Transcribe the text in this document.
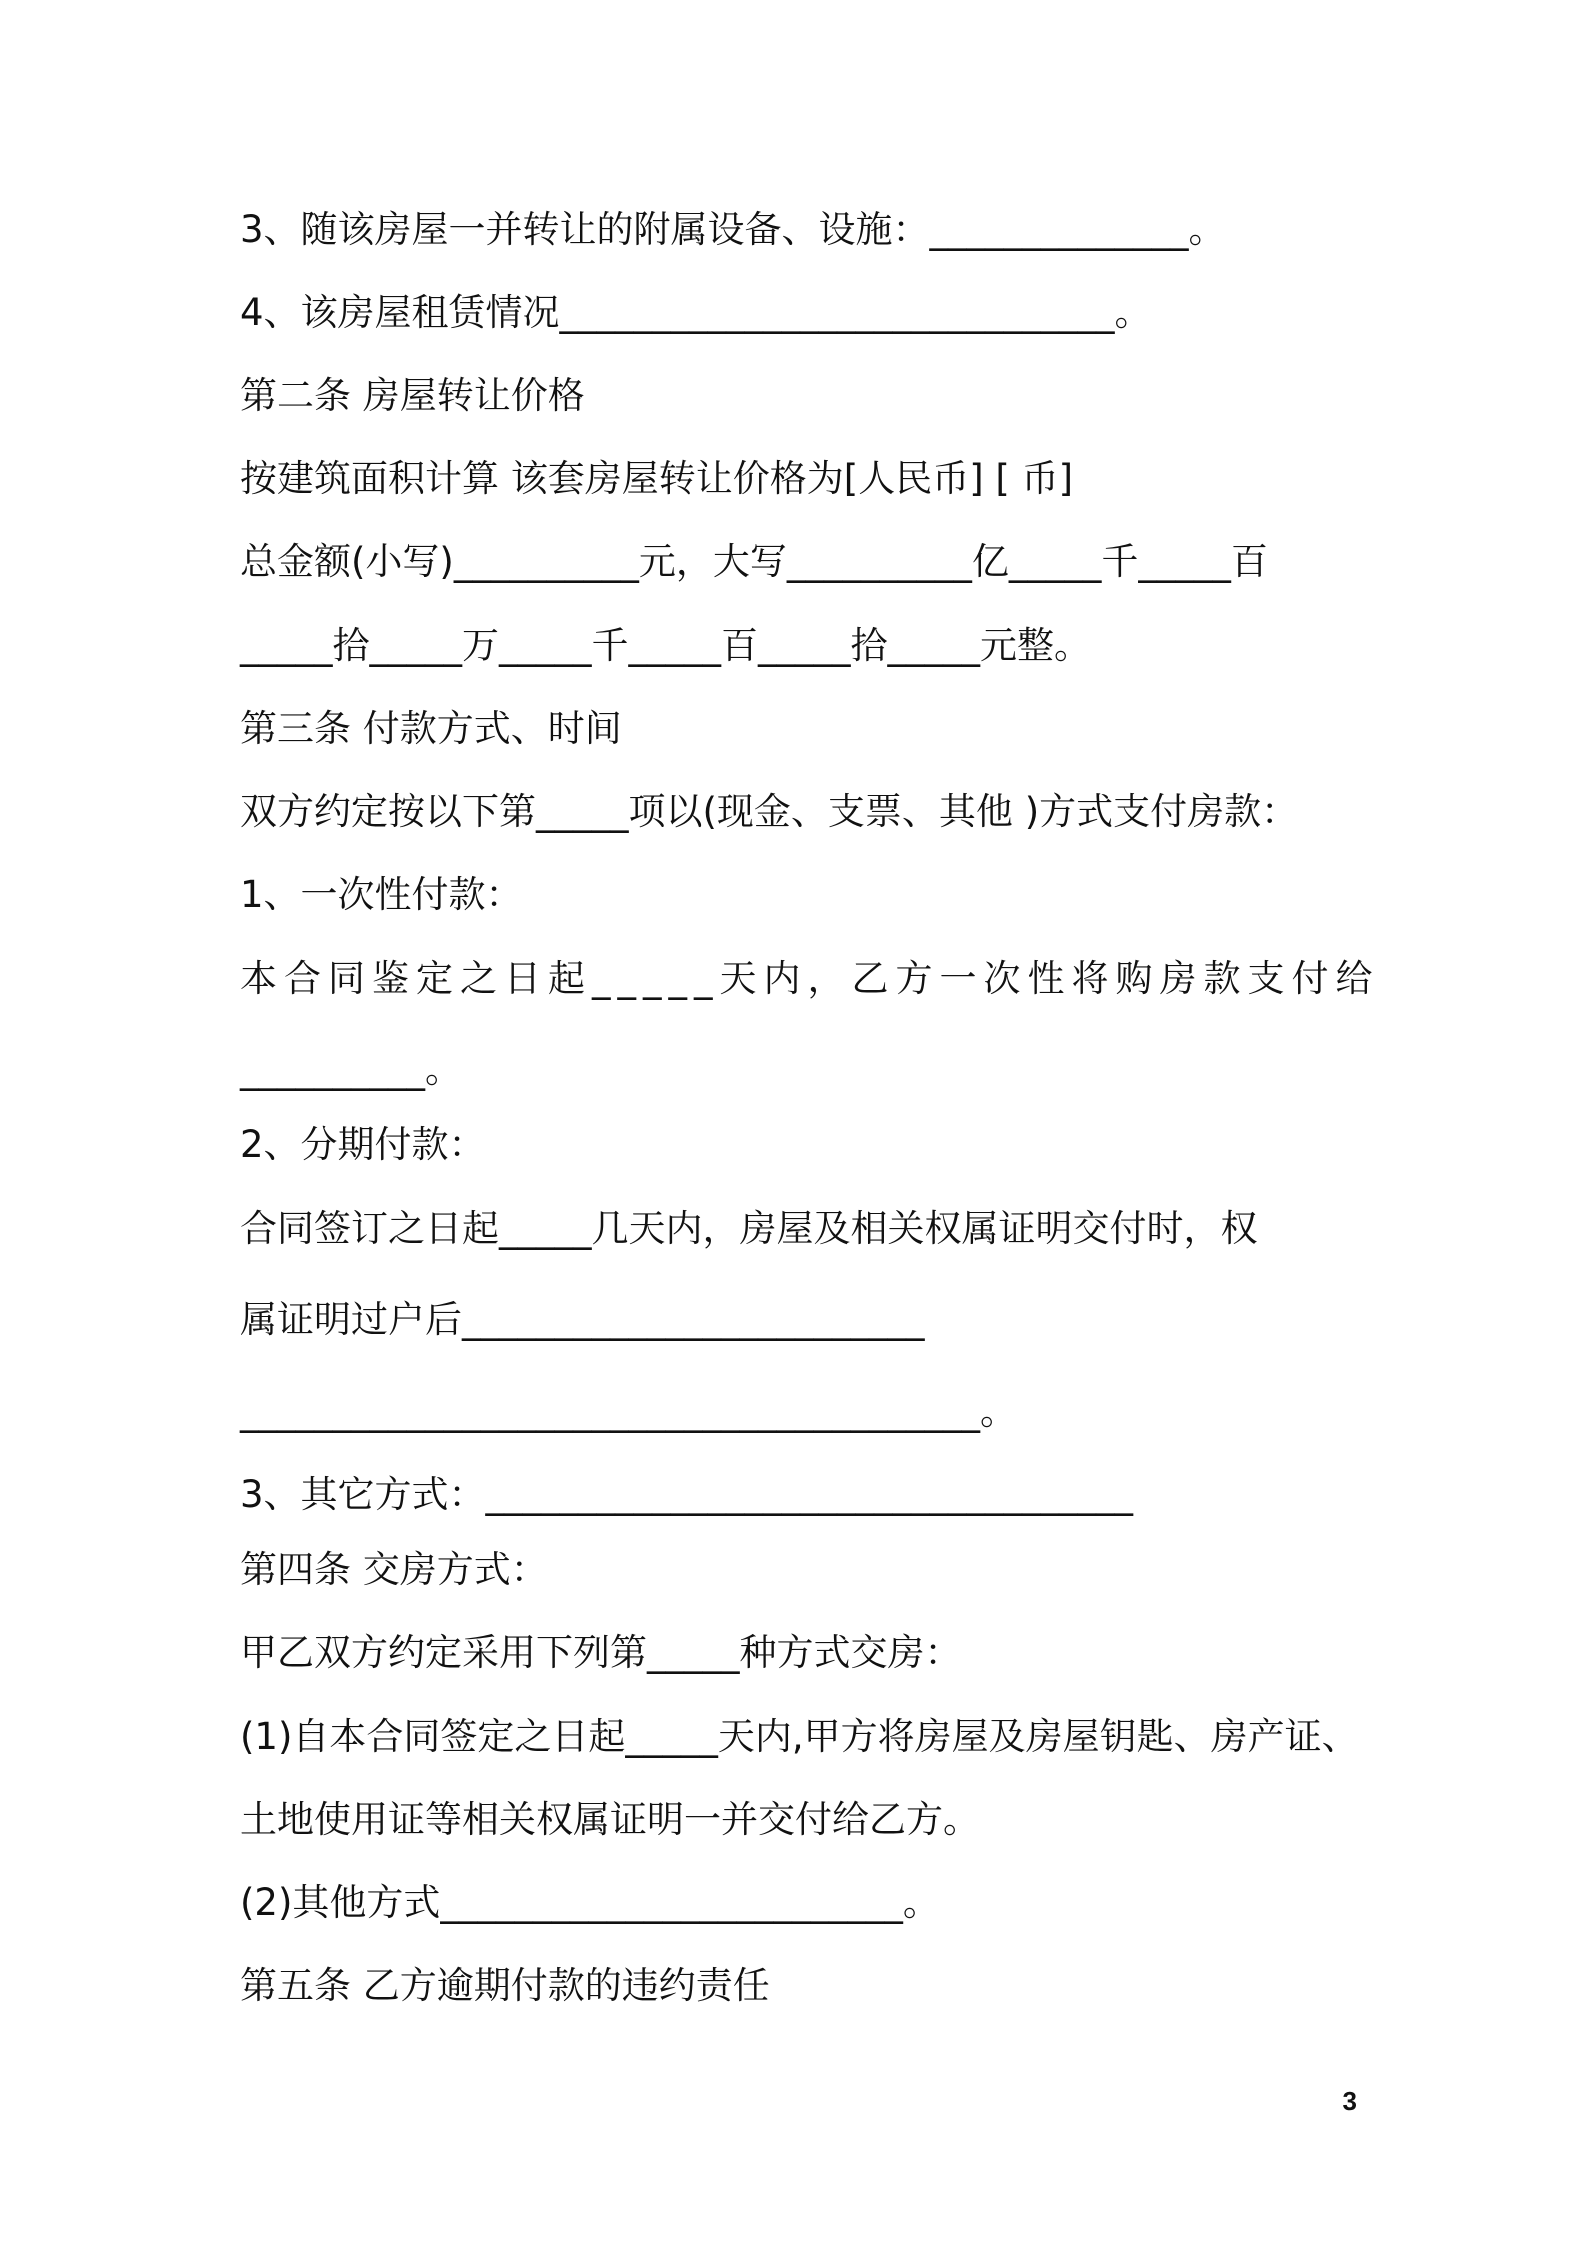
3、随该房屋一并转让的附属设备、设施：______________。
4、该房屋租赁情况______________________________。
第二条 房屋转让价格
按建筑面积计算 该套房屋转让价格为[人民币] [ 币]
总金额(小写)__________元，大写__________亿_____千_____百
_____拾_____万_____千_____百_____拾_____元整。
第三条 付款方式、时间
双方约定按以下第_____项以(现金、支票、其他 )方式支付房款：
1、一次性付款：
本合同鉴定之日起_____天内，乙方一次性将购房款支付给
__________。
2、分期付款：
合同签订之日起_____几天内，房屋及相关权属证明交付时，权
属证明过户后_________________________
________________________________________。
3、其它方式：___________________________________
第四条 交房方式：
甲乙双方约定采用下列第_____种方式交房：
(1)自本合同签定之日起_____天内,甲方将房屋及房屋钥匙、房产证、
土地使用证等相关权属证明一并交付给乙方。
(2)其他方式_________________________。
第五条 乙方逾期付款的违约责任
3
